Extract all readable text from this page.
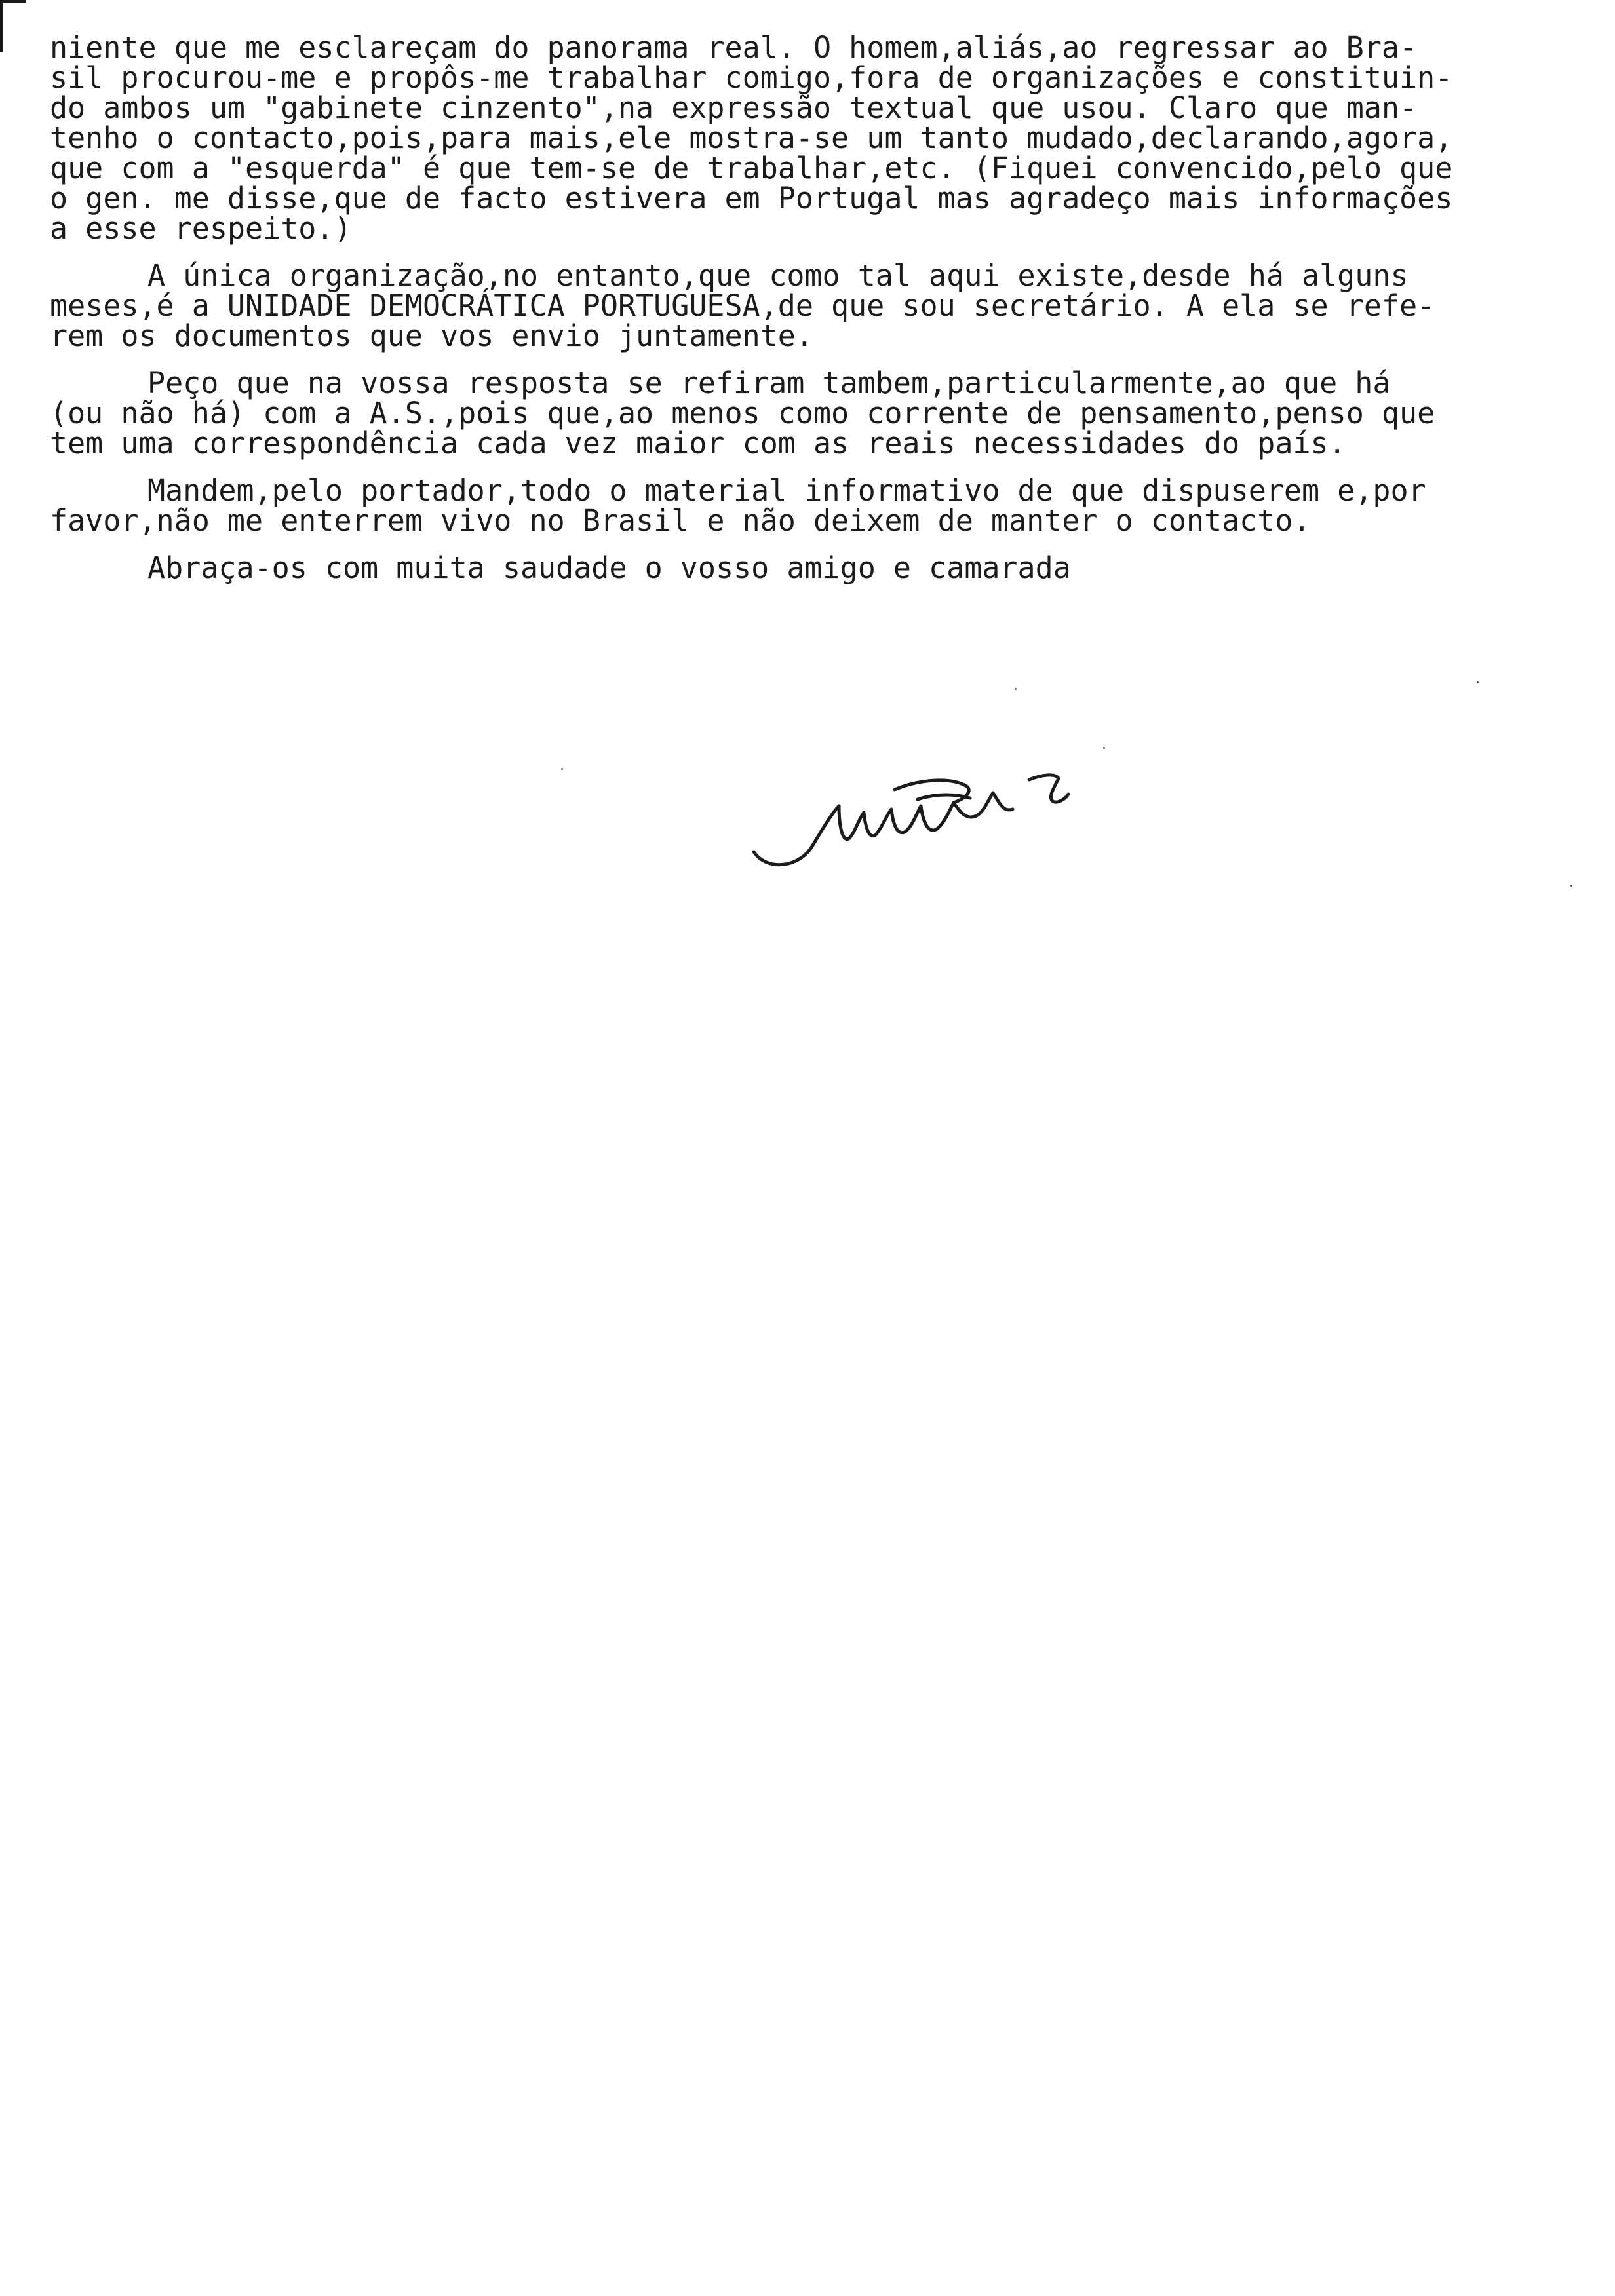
niente que me esclareçam do panorama real. O homem,aliás,ao regressar ao Bra-
sil procurou-me e propôs-me trabalhar comigo,fora de organizações e constituin-
do ambos um "gabinete cinzento",na expressão textual que usou. Claro que man-
tenho o contacto,pois,para mais,ele mostra-se um tanto mudado,declarando,agora,
que com a "esquerda" é que tem-se de trabalhar,etc. (Fiquei convencido,pelo que
o gen. me disse,que de facto estivera em Portugal mas agradeço mais informações
a esse respeito.)
A única organização,no entanto,que como tal aqui existe,desde há alguns
meses,é a UNIDADE DEMOCRÁTICA PORTUGUESA,de que sou secretário. A ela se refe-
rem os documentos que vos envio juntamente.
Peço que na vossa resposta se refiram tambem,particularmente,ao que há
(ou não há) com a A.S.,pois que,ao menos como corrente de pensamento,penso que
tem uma correspondência cada vez maior com as reais necessidades do país.
Mandem,pelo portador,todo o material informativo de que dispuserem e,por
favor,não me enterrem vivo no Brasil e não deixem de manter o contacto.
Abraça-os com muita saudade o vosso amigo e camarada
